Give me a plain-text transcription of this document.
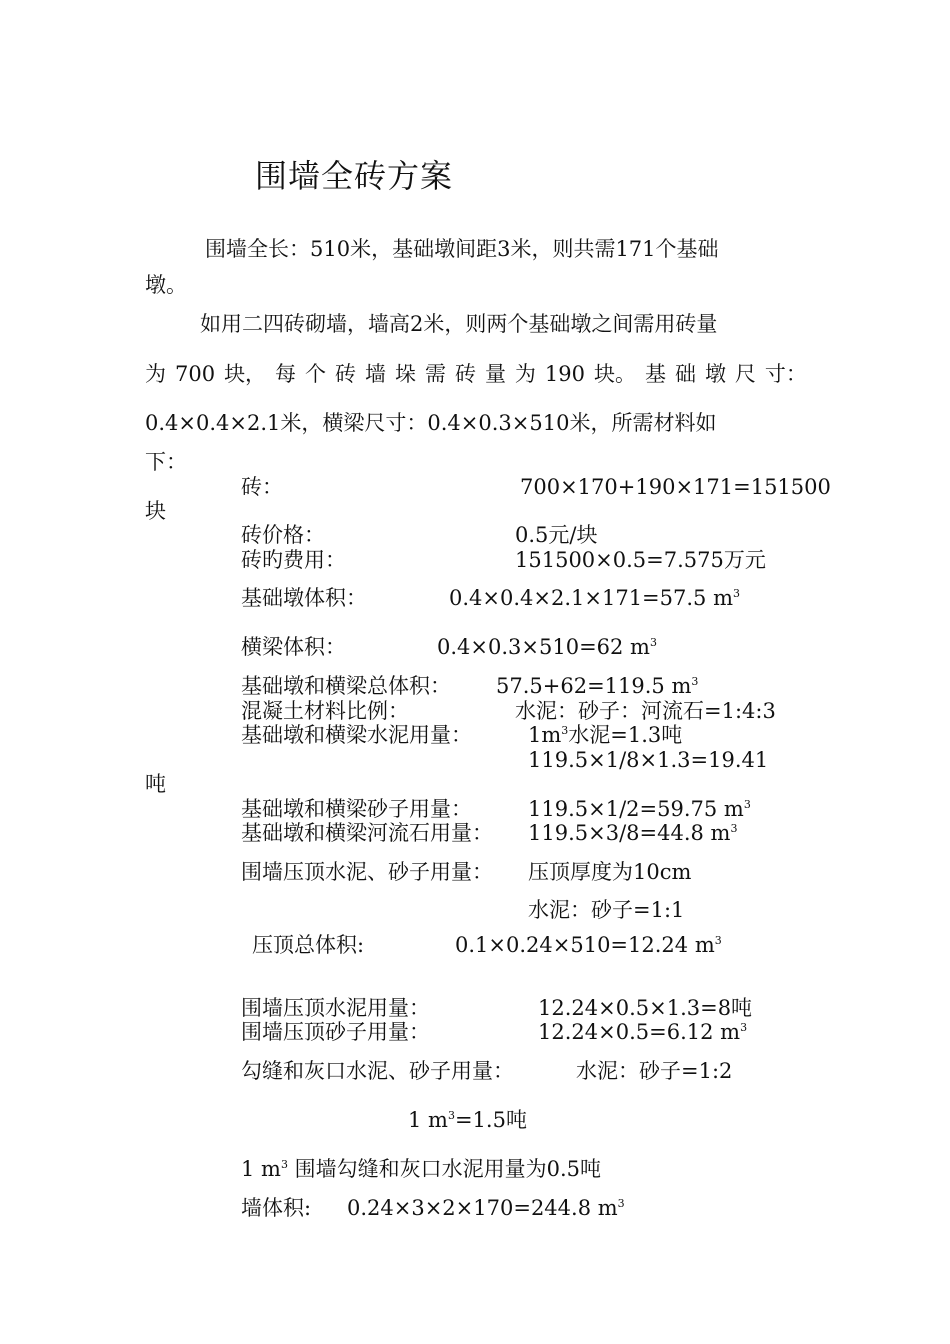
围墙全砖方案
围墙全长：510米，基础墩间距3米，则共需171个基础
墩。
如用二四砖砌墙，墙高2米，则两个基础墩之间需用砖量
为 700 块， 每 个 砖 墙 垛 需 砖 量 为 190 块。 基 础 墩 尺 寸：
0.4×0.4×2.1米，横梁尺寸：0.4×0.3×510米，所需材料如
下：
砖：	700×170+190×171=151500
块
砖价格：	0.5元/块
砖旳费用：	151500×0.5=7.575万元
基础墩体积：	0.4×0.4×2.1×171=57.5 $m^3$
横梁体积：	0.4×0.3×510=62 $m^3$
基础墩和横梁总体积： 57.5+62=119.5 $m^3$
混凝土材料比例：	水泥：砂子：河流石=1:4:3
基础墩和横梁水泥用量：	$1m^3$水泥=1.3吨
119.5×1/8×1.3=19.41
吨
基础墩和横梁砂子用量：	119.5×1/2=59.75 $m^3$
基础墩和横梁河流石用量： 119.5×3/8=44.8 $m^3$
围墙压顶水泥、砂子用量： 压顶厚度为10cm
水泥：砂子=1:1
压顶总体积:	0.1×0.24×510=12.24 $m^3$
围墙压顶水泥用量：	12.24×0.5×1.3=8吨
围墙压顶砂子用量：	12.24×0.5=6.12 $m^3$
勾缝和灰口水泥、砂子用量：	水泥：砂子=1:2
1 $m^3=1.5$吨
1 $m^3$ 围墙勾缝和灰口水泥用量为0.5吨
墙体积: 0.24×3×2×170=244.8 $m^3$
